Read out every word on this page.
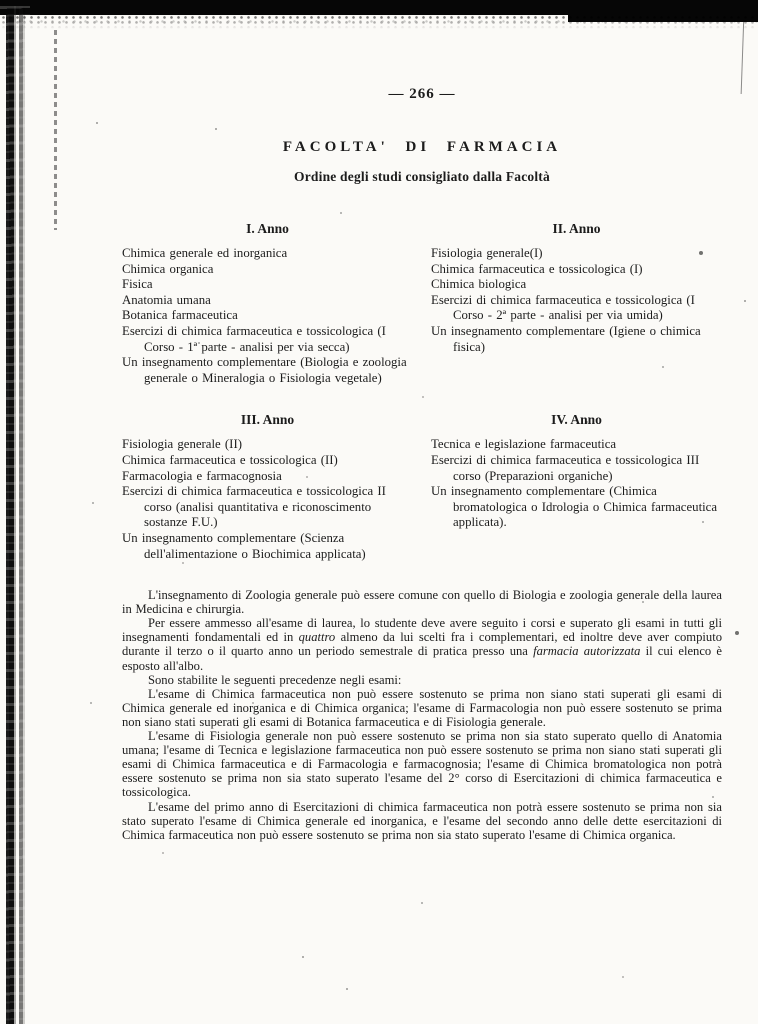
— 266 —
FACOLTA' DI FARMACIA
Ordine degli studi consigliato dalla Facoltà
I. Anno
Chimica generale ed inorganica
Chimica organica
Fisica
Anatomia umana
Botanica farmaceutica
Esercizi di chimica farmaceutica e tossicologica (I Corso - 1ª parte - analisi per via secca)
Un insegnamento complementare (Biologia e zoologia generale o Mineralogia o Fisiologia vegetale)
II. Anno
Fisiologia generale(I)
Chimica farmaceutica e tossicologica (I)
Chimica biologica
Esercizi di chimica farmaceutica e tossicologica (I Corso - 2ª parte - analisi per via umida)
Un insegnamento complementare (Igiene o chimica fisica)
III. Anno
Fisiologia generale (II)
Chimica farmaceutica e tossicologica (II)
Farmacologia e farmacognosia
Esercizi di chimica farmaceutica e tossicologica II corso (analisi quantitativa e riconoscimento sostanze F.U.)
Un insegnamento complementare (Scienza dell'alimentazione o Biochimica applicata)
IV. Anno
Tecnica e legislazione farmaceutica
Esercizi di chimica farmaceutica e tossicologica III corso (Preparazioni organiche)
Un insegnamento complementare (Chimica bromatologica o Idrologia o Chimica farmaceutica applicata).

L'insegnamento di Zoologia generale può essere comune con quello di Biologia e zoologia generale della laurea in Medicina e chirurgia.

Per essere ammesso all'esame di laurea, lo studente deve avere seguito i corsi e superato gli esami in tutti gli insegnamenti fondamentali ed in quattro almeno da lui scelti fra i complementari, ed inoltre deve aver compiuto durante il terzo o il quarto anno un periodo semestrale di pratica presso una farmacia autorizzata il cui elenco è esposto all'albo.

Sono stabilite le seguenti precedenze negli esami:

L'esame di Chimica farmaceutica non può essere sostenuto se prima non siano stati superati gli esami di Chimica generale ed inorganica e di Chimica organica; l'esame di Farmacologia non può essere sostenuto se prima non siano stati superati gli esami di Botanica farmaceutica e di Fisiologia generale.

L'esame di Fisiologia generale non può essere sostenuto se prima non sia stato superato quello di Anatomia umana; l'esame di Tecnica e legislazione farmaceutica non può essere sostenuto se prima non siano stati superati gli esami di Chimica farmaceutica e di Farmacologia e farmacognosia; l'esame di Chimica bromatologica non potrà essere sostenuto se prima non sia stato superato l'esame del 2° corso di Esercitazioni di chimica farmaceutica e tossicologica.

L'esame del primo anno di Esercitazioni di chimica farmaceutica non potrà essere sostenuto se prima non sia stato superato l'esame di Chimica generale ed inorganica, e l'esame del secondo anno delle dette esercitazioni di Chimica farmaceutica non può essere sostenuto se prima non sia stato superato l'esame di Chimica organica.
